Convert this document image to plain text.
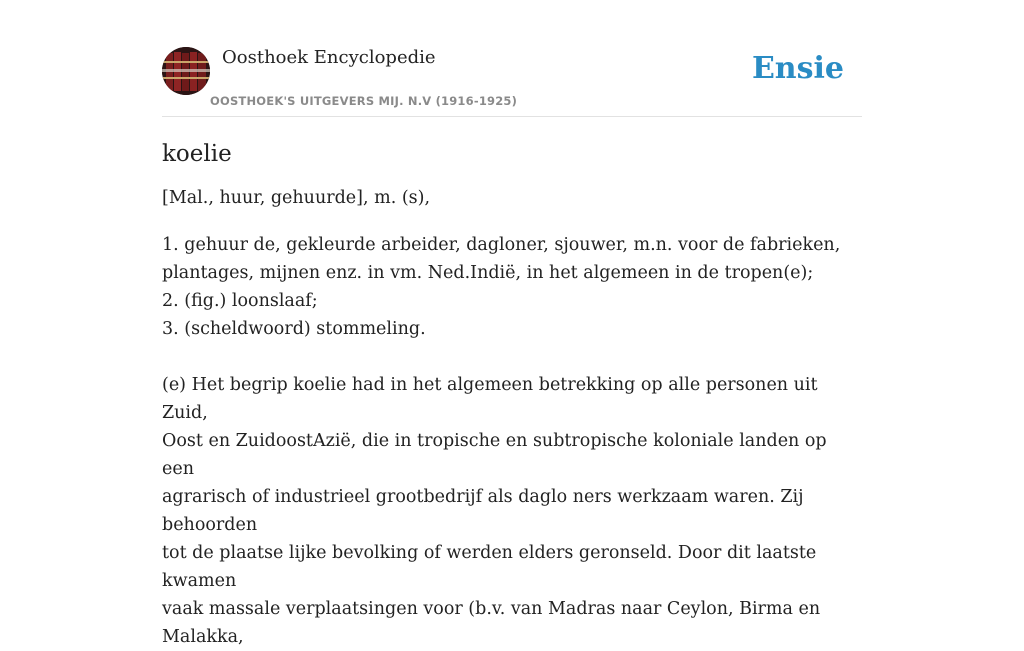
Oosthoek Encyclopedie
OOSTHOEK'S UITGEVERS MIJ. N.V (1916-1925)
Ensie
koelie

[Mal., huur, gehuurde], m. (s),

1. gehuur de, gekleurde arbeider, dagloner, sjouwer, m.n. voor de fabrieken,
plantages, mijnen enz. in vm. Ned.Indië, in het algemeen in de tropen(e);
2. (fig.) loonslaaf;
3. (scheldwoord) stommeling.
(e) Het begrip koelie had in het algemeen betrekking op alle personen uit Zuid,
Oost en ZuidoostAzië, die in tropische en subtropische koloniale landen op een
agrarisch of industrieel grootbedrijf als daglo ners werkzaam waren. Zij behoorden
tot de plaatse lijke bevolking of werden elders geronseld. Door dit laatste kwamen
vaak massale verplaatsingen voor (b.v. van Madras naar Ceylon, Birma en Malakka,
